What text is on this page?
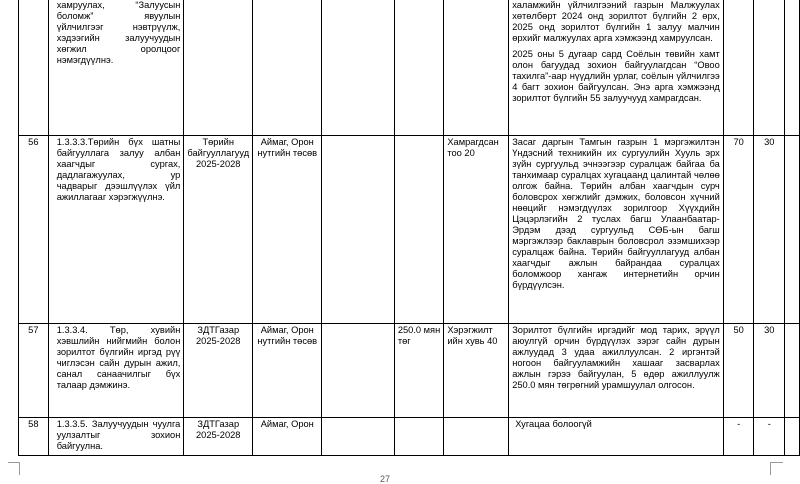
	хамруулах, “Залуусын боломж” явуулын үйлчилгээг нэвтрүүлж, хэдээгийн залуучуудын хөгжил оролцоог нэмэгдүүлнэ.						халамжийн үйлчилгээний газрын Малжуулах хөтөлбөрт 2024 онд зорилтот бүлгийн 2 өрх, 2025 онд зорилтот бүлгийн 1 залуу малчин өрхийг малжуулах арга хэмжээнд хамруулсан.

2025 оны 5 дугаар сард Соёлын төвийн хамт олон багуудад зохион байгуулагдсан “Овоо тахилга”-аар нүүдлийн урлаг, соёлын үйлчилгээ 4 багт зохион байгуулсан. Энэ арга хэмжээнд зорилтот бүлгийн 55 залуучууд хамрагдсан.			

56	1.3.3.3.Төрийн бүх шатны байгууллага залуу албан хаагчдыг сургах, дадлагажуулах, ур чадварыг дээшлүүлэх үйл ажиллагааг хэрэгжүүлнэ.	Төрийн байгууллагууд 2025-2028	Аймаг, Орон нутгийн төсөв			Хамрагдсан тоо 20	Засаг даргын Тамгын газрын 1 мэргэжилтэн Үндэсний техникийн их сургуулийн Хууль эрх зүйн сургуульд эчнээгээр суралцаж байгаа ба танхимаар суралцах хугацаанд цалинтай чөлөө олгож байна. Төрийн албан хаагчдын сурч боловсрох хөгжлийг дэмжих, боловсон хүчний нөөцийг нэмэгдүүлэх зорилгоор Хүүхдийн Цэцэрлэгийн 2 туслах багш Улаанбаатар-Эрдэм дээд сургуульд СӨБ-ын багш мэргэжлээр баклаврын боловсрол эзэмшихээр суралцаж байна. Төрийн байгууллагууд албан хаагчдыг ажлын байрандаа суралцах боломжоор хангаж интернетийн орчин бүрдүүлсэн.	70	30	
57	1.3.3.4. Төр, хувийн хэвшлийн нийгмийн болон зорилтот бүлгийн иргэд рүү чиглэсэн сайн дурын ажил, санал санаачилгыг бүх талаар дэмжинэ.	ЗДТГазар 2025-2028	Аймаг, Орон нутгийн төсөв		250.0 мян төг	Хэрэгжилт ийн хувь 40	Зорилтот бүлгийн иргэдийг мод тарих, эрүүл аюулгүй орчин бүрдүүлэх зэрэг сайн дурын ажлуудад 3 удаа ажиллуулсан. 2 иргэнтэй ногоон байгууламжийн хашааг засварлах ажлын гэрээ байгуулан, 5 өдөр ажиллуулж 250.0 мян төгрөгний урамшуулал олгосон.	50	30	
58	1.3.3.5. Залуучуудын чуулга уулзалтыг зохион байгуулна.	ЗДТГазар 2025-2028	Аймаг, Орон				Хугацаа болоогүй	-	-	
27
